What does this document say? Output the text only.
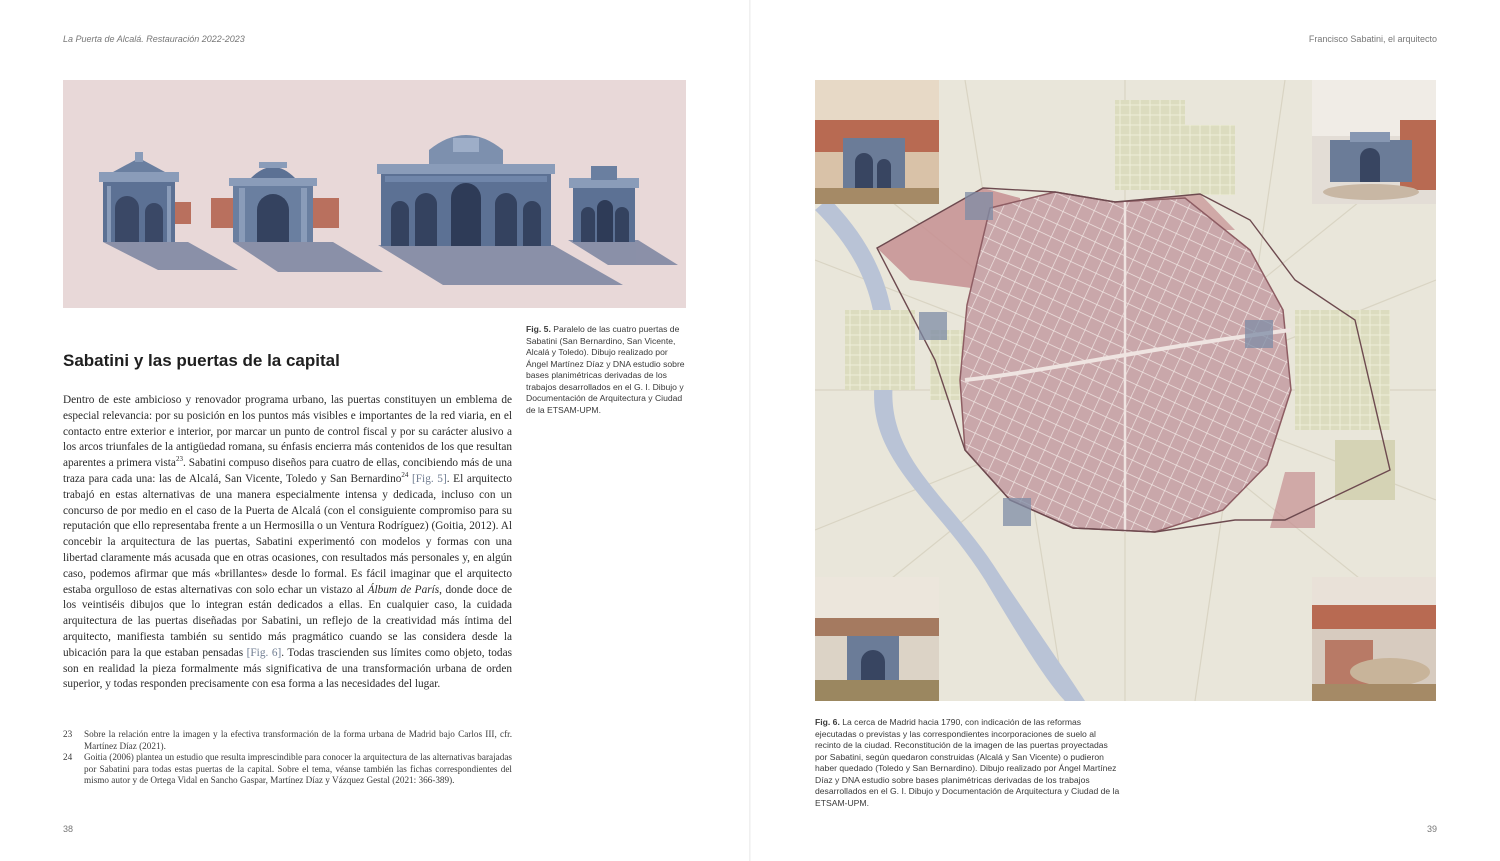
La Puerta de Alcalá. Restauración 2022-2023	Francisco Sabatini, el arquitecto
Fig. 5. Paralelo de las cuatro puertas de Sabatini (San Bernardino, San Vicente, Alcalá y Toledo). Dibujo realizado por Ángel Martínez Díaz y DNA estudio sobre bases planimétricas derivadas de los trabajos desarrollados en el G. I. Dibujo y Documentación de Arquitectura y Ciudad de la ETSAM-UPM.
Sabatini y las puertas de la capital

Dentro de este ambicioso y renovador programa urbano, las puertas constituyen un emblema de especial relevancia: por su posición en los puntos más visibles e importantes de la red viaria, en el contacto entre exterior e interior, por marcar un punto de control fiscal y por su carácter alusivo a los arcos triunfales de la antigüedad romana, su énfasis encierra más contenidos de los que resultan aparentes a primera vista$^{23}$. Sabatini compuso diseños para cuatro de ellas, concibiendo más de una traza para cada una: las de Alcalá, San Vicente, Toledo y San Bernardino$^{24}$ [Fig. 5]. El arquitecto trabajó en estas alternativas de una manera especialmente intensa y dedicada, incluso con un concurso de por medio en el caso de la Puerta de Alcalá (con el consiguiente compromiso para su reputación que ello representaba frente a un Hermosilla o un Ventura Rodríguez) (Goitia, 2012). Al concebir la arquitectura de las puertas, Sabatini experimentó con modelos y formas con una libertad claramente más acusada que en otras ocasiones, con resultados más personales y, en algún caso, podemos afirmar que más «brillantes» desde lo formal. Es fácil imaginar que el arquitecto estaba orgulloso de estas alternativas con solo echar un vistazo al Álbum de París, donde doce de los veintiséis dibujos que lo integran están dedicados a ellas. En cualquier caso, la cuidada arquitectura de las puertas diseñadas por Sabatini, un reflejo de la creatividad más íntima del arquitecto, manifiesta también su sentido más pragmático cuando se las considera desde la ubicación para la que estaban pensadas [Fig. 6]. Todas trascienden sus límites como objeto, todas son en realidad la pieza formalmente más significativa de una transformación urbana de orden superior, y todas responden precisamente con esa forma a las necesidades del lugar.

23	Sobre la relación entre la imagen y la efectiva transformación de la forma urbana de Madrid bajo Carlos III, cfr. Martínez Díaz (2021).
24	Goitia (2006) plantea un estudio que resulta imprescindible para conocer la arquitectura de las alternativas barajadas por Sabatini para todas estas puertas de la capital. Sobre el tema, véanse también las fichas correspondientes del mismo autor y de Ortega Vidal en Sancho Gaspar, Martínez Díaz y Vázquez Gestal (2021: 366-389).
38	39
Fig. 6. La cerca de Madrid hacia 1790, con indicación de las reformas ejecutadas o previstas y las correspondientes incorporaciones de suelo al recinto de la ciudad. Reconstitución de la imagen de las puertas proyectadas por Sabatini, según quedaron construidas (Alcalá y San Vicente) o pudieron haber quedado (Toledo y San Bernardino). Dibujo realizado por Ángel Martínez Díaz y DNA estudio sobre bases planimétricas derivadas de los trabajos desarrollados en el G. I. Dibujo y Documentación de Arquitectura y Ciudad de la ETSAM-UPM.
